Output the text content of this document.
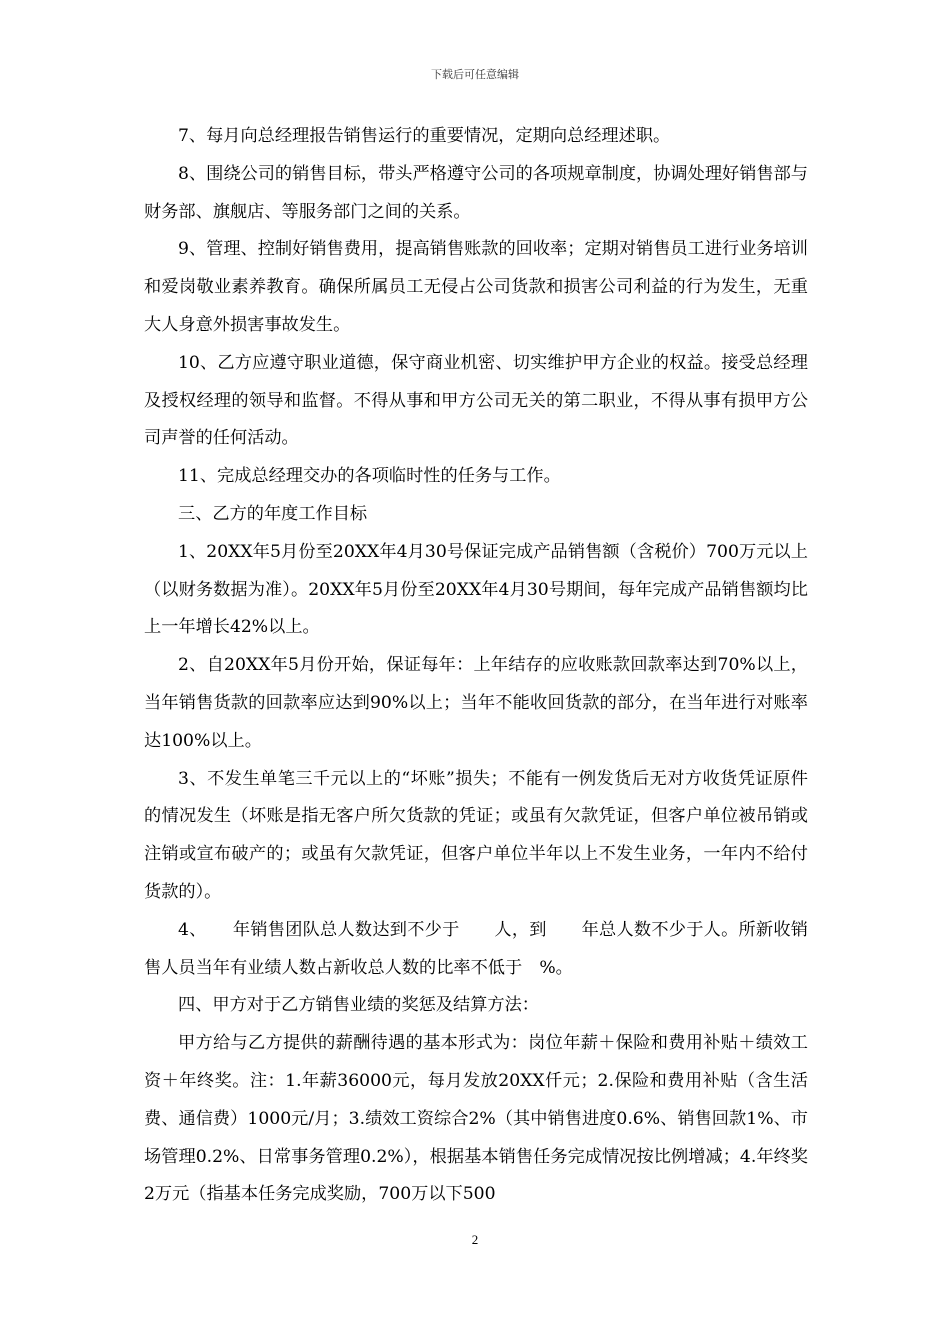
下载后可任意编辑

7、每月向总经理报告销售运行的重要情况，定期向总经理述职。

8、围绕公司的销售目标，带头严格遵守公司的各项规章制度，协调处理好销售部与财务部、旗舰店、等服务部门之间的关系。

9、管理、控制好销售费用，提高销售账款的回收率；定期对销售员工进行业务培训和爱岗敬业素养教育。确保所属员工无侵占公司货款和损害公司利益的行为发生，无重大人身意外损害事故发生。

10、乙方应遵守职业道德，保守商业机密、切实维护甲方企业的权益。接受总经理及授权经理的领导和监督。不得从事和甲方公司无关的第二职业，不得从事有损甲方公司声誉的任何活动。

11、完成总经理交办的各项临时性的任务与工作。

三、乙方的年度工作目标

1、20XX年5月份至20XX年4月30号保证完成产品销售额（含税价）700万元以上（以财务数据为准）。20XX年5月份至20XX年4月30号期间，每年完成产品销售额均比上一年增长42%以上。

2、自20XX年5月份开始，保证每年：上年结存的应收账款回款率达到70%以上，当年销售货款的回款率应达到90%以上；当年不能收回货款的部分，在当年进行对账率达100%以上。

3、不发生单笔三千元以上的“坏账”损失；不能有一例发货后无对方收货凭证原件的情况发生（坏账是指无客户所欠货款的凭证；或虽有欠款凭证，但客户单位被吊销或注销或宣布破产的；或虽有欠款凭证，但客户单位半年以上不发生业务，一年内不给付货款的）。

4、　　年销售团队总人数达到不少于　　人，到　　年总人数不少于人。所新收销售人员当年有业绩人数占新收总人数的比率不低于　%。

四、甲方对于乙方销售业绩的奖惩及结算方法：

甲方给与乙方提供的薪酬待遇的基本形式为：岗位年薪＋保险和费用补贴＋绩效工资＋年终奖。注：1.年薪36000元，每月发放20XX仟元；2.保险和费用补贴（含生活费、通信费）1000元/月；3.绩效工资综合2%（其中销售进度0.6%、销售回款1%、市场管理0.2%、日常事务管理0.2%），根据基本销售任务完成情况按比例增减；4.年终奖2万元（指基本任务完成奖励，700万以下500

2
